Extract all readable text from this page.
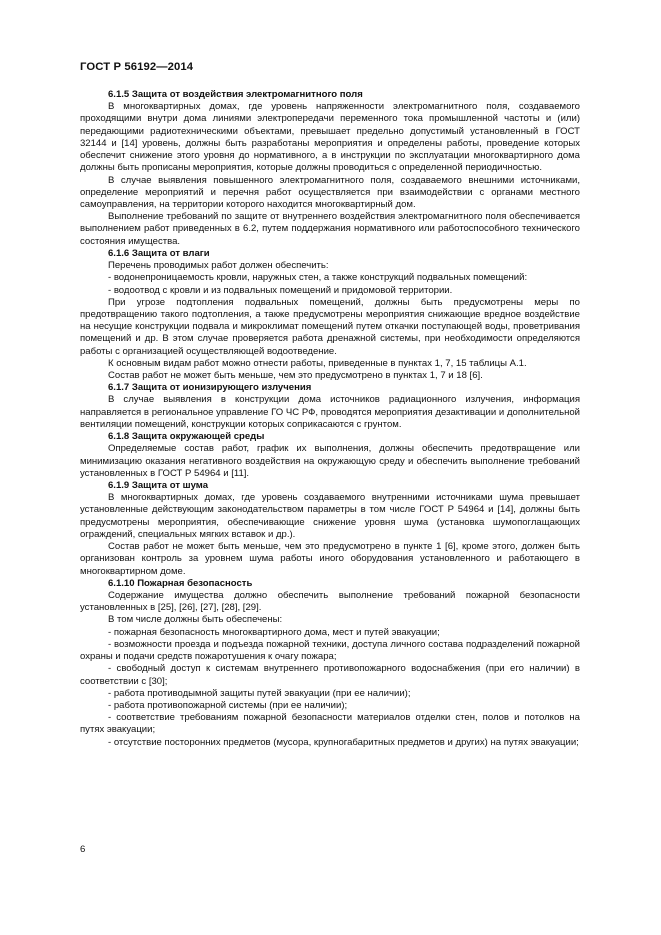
ГОСТ Р 56192—2014
6.1.5 Защита от воздействия электромагнитного поля

В многоквартирных домах, где уровень напряженности электромагнитного поля, создаваемого проходящими внутри дома линиями электропередачи переменного тока промышленной частоты и (или) передающими радиотехническими объектами, превышает предельно допустимый установленный в ГОСТ 32144 и [14] уровень, должны быть разработаны мероприятия и определены работы, проведение которых обеспечит снижение этого уровня до нормативного, а в инструкции по эксплуатации многоквартирного дома должны быть прописаны мероприятия, которые должны проводиться с определенной периодичностью.

В случае выявления повышенного электромагнитного поля, создаваемого внешними источниками, определение мероприятий и перечня работ осуществляется при взаимодействии с органами местного самоуправления, на территории которого находится многоквартирный дом.

Выполнение требований по защите от внутреннего воздействия электромагнитного поля обеспечивается выполнением работ приведенных в 6.2, путем поддержания нормативного или работоспособного технического состояния имущества.

6.1.6 Защита от влаги

Перечень проводимых работ должен обеспечить:

- водонепроницаемость кровли, наружных стен, а также конструкций подвальных помещений:

- водоотвод с кровли и из подвальных помещений и придомовой территории.

При угрозе подтопления подвальных помещений, должны быть предусмотрены меры по предотвращению такого подтопления, а также предусмотрены мероприятия снижающие вредное воздействие на несущие конструкции подвала и микроклимат помещений путем откачки поступающей воды, проветривания помещений и др. В этом случае проверяется работа дренажной системы, при необходимости определяются работы с организацией осуществляющей водоотведение.

К основным видам работ можно отнести работы, приведенные в пунктах 1, 7, 15 таблицы А.1.

Состав работ не может быть меньше, чем это предусмотрено в пунктах 1, 7 и 18 [6].

6.1.7 Защита от ионизирующего излучения

В случае выявления в конструкции дома источников радиационного излучения, информация направляется в региональное управление ГО ЧС РФ, проводятся мероприятия дезактивации и дополнительной вентиляции помещений, конструкции которых соприкасаются с грунтом.

6.1.8 Защита окружающей среды

Определяемые состав работ, график их выполнения, должны обеспечить предотвращение или минимизацию оказания негативного воздействия на окружающую среду и обеспечить выполнение требований установленных в ГОСТ Р 54964 и [11].

6.1.9 Защита от шума

В многоквартирных домах, где уровень создаваемого внутренними источниками шума превышает установленные действующим законодательством параметры в том числе ГОСТ Р 54964 и [14], должны быть предусмотрены мероприятия, обеспечивающие снижение уровня шума (установка шумопоглащающих ограждений, специальных мягких вставок и др.).

Состав работ не может быть меньше, чем это предусмотрено в пункте 1 [6], кроме этого, должен быть организован контроль за уровнем шума работы иного оборудования установленного и работающего в многоквартирном доме.

6.1.10 Пожарная безопасность

Содержание имущества должно обеспечить выполнение требований пожарной безопасности установленных в [25], [26], [27], [28], [29].

В том числе должны быть обеспечены:

- пожарная безопасность многоквартирного дома, мест и путей эвакуации;

- возможности проезда и подъезда пожарной техники, доступа личного состава подразделений пожарной охраны и подачи средств пожаротушения к очагу пожара;

- свободный доступ к системам внутреннего противопожарного водоснабжения (при его наличии) в соответствии с [30];

- работа противодымной защиты путей эвакуации (при ее наличии);

- работа противопожарной системы (при ее наличии);

- соответствие требованиям пожарной безопасности материалов отделки стен, полов и потолков на путях эвакуации;

- отсутствие посторонних предметов (мусора, крупногабаритных предметов и других) на путях эвакуации;

6
